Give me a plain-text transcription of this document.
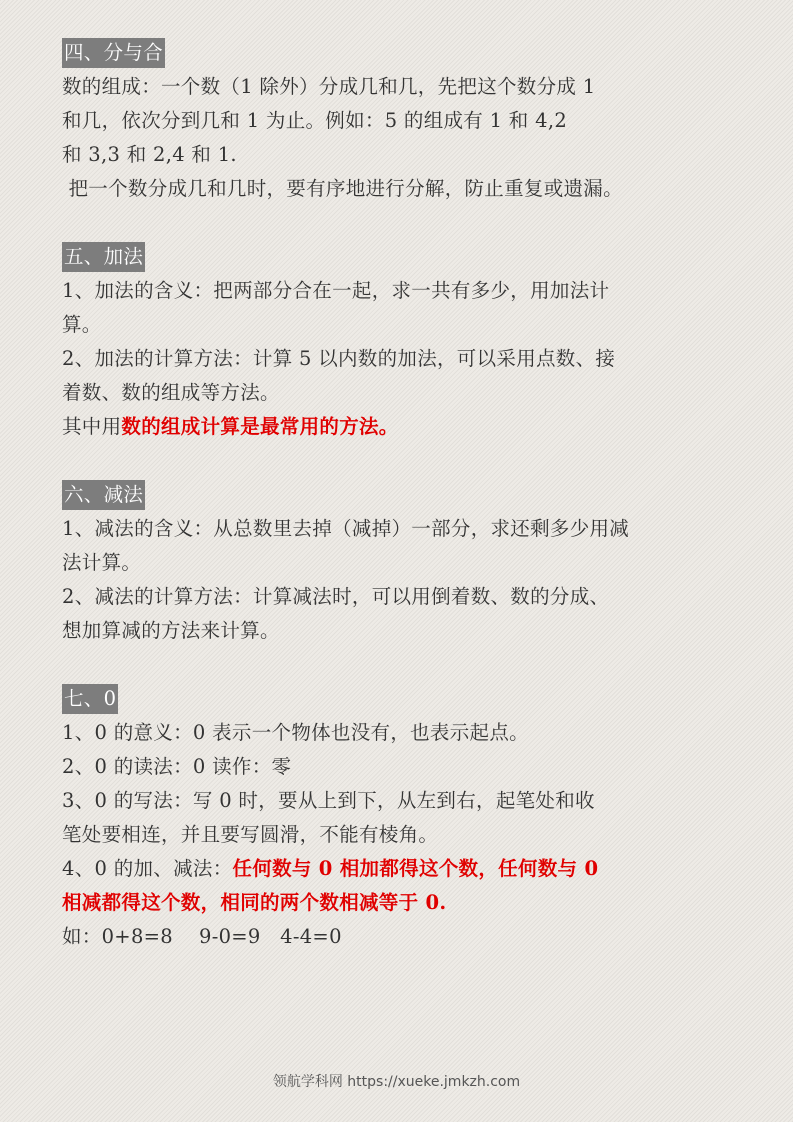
四、分与合
数的组成：一个数（1 除外）分成几和几，先把这个数分成 1
和几，依次分到几和 1 为止。例如：5 的组成有 1 和 4,2
和 3,3 和 2,4 和 1.
把一个数分成几和几时，要有序地进行分解，防止重复或遗漏。
五、加法
1、加法的含义：把两部分合在一起，求一共有多少，用加法计
算。
2、加法的计算方法：计算 5 以内数的加法，可以采用点数、接
着数、数的组成等方法。
其中用数的组成计算是最常用的方法。
六、减法
1、减法的含义：从总数里去掉（减掉）一部分，求还剩多少用减
法计算。
2、减法的计算方法：计算减法时，可以用倒着数、数的分成、
想加算减的方法来计算。
七、0
1、0 的意义：0 表示一个物体也没有，也表示起点。
2、0 的读法：0 读作：零
3、0 的写法：写 0 时，要从上到下，从左到右，起笔处和收
笔处要相连，并且要写圆滑，不能有棱角。
4、0 的加、减法：任何数与 0 相加都得这个数，任何数与 0
相减都得这个数，相同的两个数相减等于 0.
如：0+8=8    9-0=9   4-4=0
领航学科网 https://xueke.jmkzh.com
